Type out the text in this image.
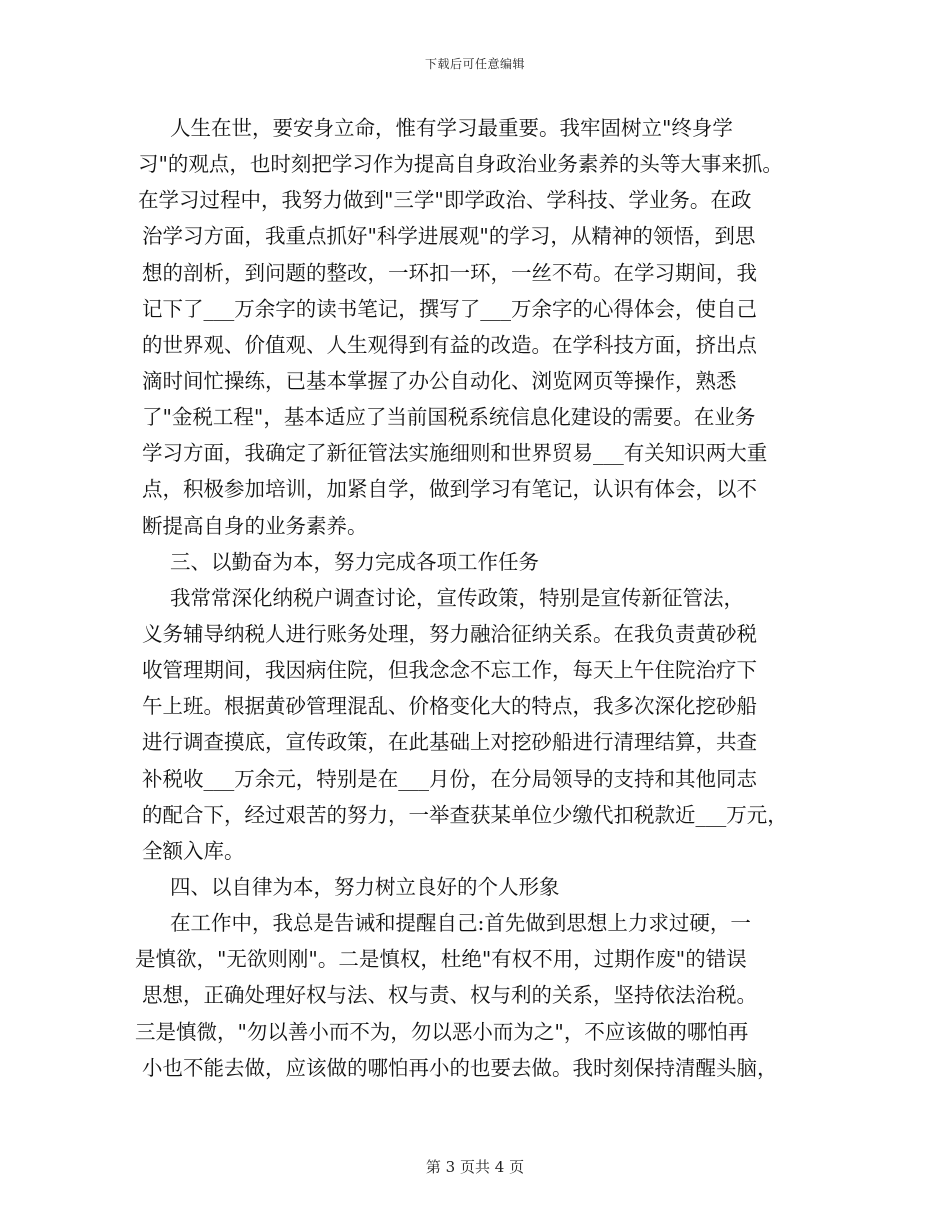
下载后可任意编辑
人生在世，要安身立命，惟有学习最重要。我牢固树立"终身学
习"的观点，也时刻把学习作为提高自身政治业务素养的头等大事来抓。
在学习过程中，我努力做到"三学"即学政治、学科技、学业务。在政
治学习方面，我重点抓好"科学进展观"的学习，从精神的领悟，到思
想的剖析，到问题的整改，一环扣一环，一丝不苟。在学习期间，我
记下了___万余字的读书笔记，撰写了___万余字的心得体会，使自己
的世界观、价值观、人生观得到有益的改造。在学科技方面，挤出点
滴时间忙操练，已基本掌握了办公自动化、浏览网页等操作，熟悉
了"金税工程"，基本适应了当前国税系统信息化建设的需要。在业务
学习方面，我确定了新征管法实施细则和世界贸易___有关知识两大重
点，积极参加培训，加紧自学，做到学习有笔记，认识有体会，以不
断提高自身的业务素养。
三、以勤奋为本，努力完成各项工作任务
我常常深化纳税户调查讨论，宣传政策，特别是宣传新征管法，
义务辅导纳税人进行账务处理，努力融洽征纳关系。在我负责黄砂税
收管理期间，我因病住院，但我念念不忘工作，每天上午住院治疗下
午上班。根据黄砂管理混乱、价格变化大的特点，我多次深化挖砂船
进行调查摸底，宣传政策，在此基础上对挖砂船进行清理结算，共查
补税收___万余元，特别是在___月份，在分局领导的支持和其他同志
的配合下，经过艰苦的努力，一举查获某单位少缴代扣税款近___万元，
全额入库。
四、以自律为本，努力树立良好的个人形象
在工作中，我总是告诫和提醒自己:首先做到思想上力求过硬，一
是慎欲，"无欲则刚"。二是慎权，杜绝"有权不用，过期作废"的错误
思想，正确处理好权与法、权与责、权与利的关系，坚持依法治税。
三是慎微，"勿以善小而不为，勿以恶小而为之"，不应该做的哪怕再
小也不能去做，应该做的哪怕再小的也要去做。我时刻保持清醒头脑，
第 3 页共 4 页
